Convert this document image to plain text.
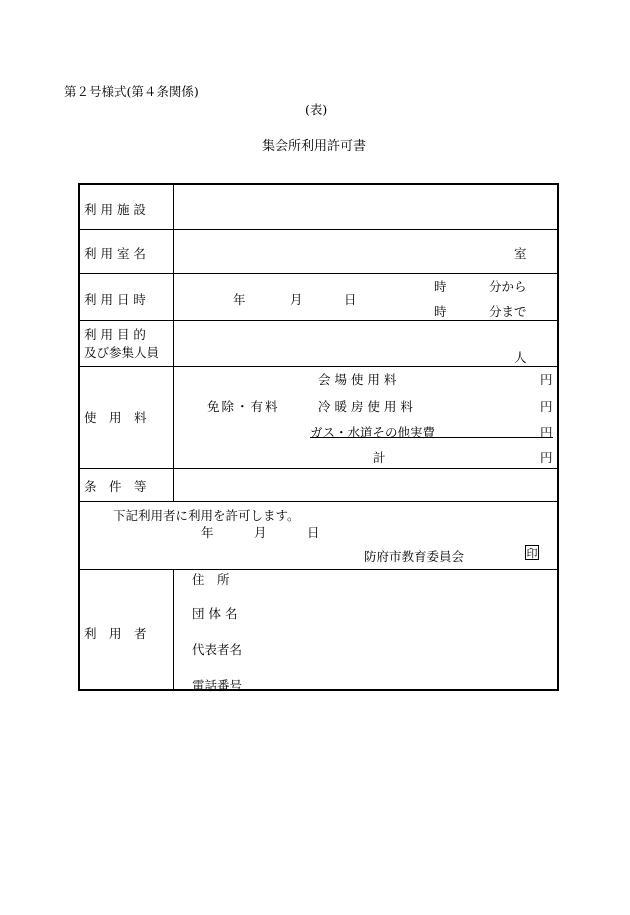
第２号様式(第４条関係)
(表)
集会所利用許可書
利 用 施 設
利 用 室 名	室
利 用 日 時	年	月	日
時	分から
時	分まで
利 用 目 的
及び参集人員	人
使　用　料
免除・有料
会 場 使 用 料	円
冷 暖 房 使 用 料	円
ガス・水道その他実費	円
計	円
条　件　等
下記利用者に利用を許可します。
年	月	日
防府市教育委員会	印
利　用　者
住　所
団 体 名
代表者名
電話番号
